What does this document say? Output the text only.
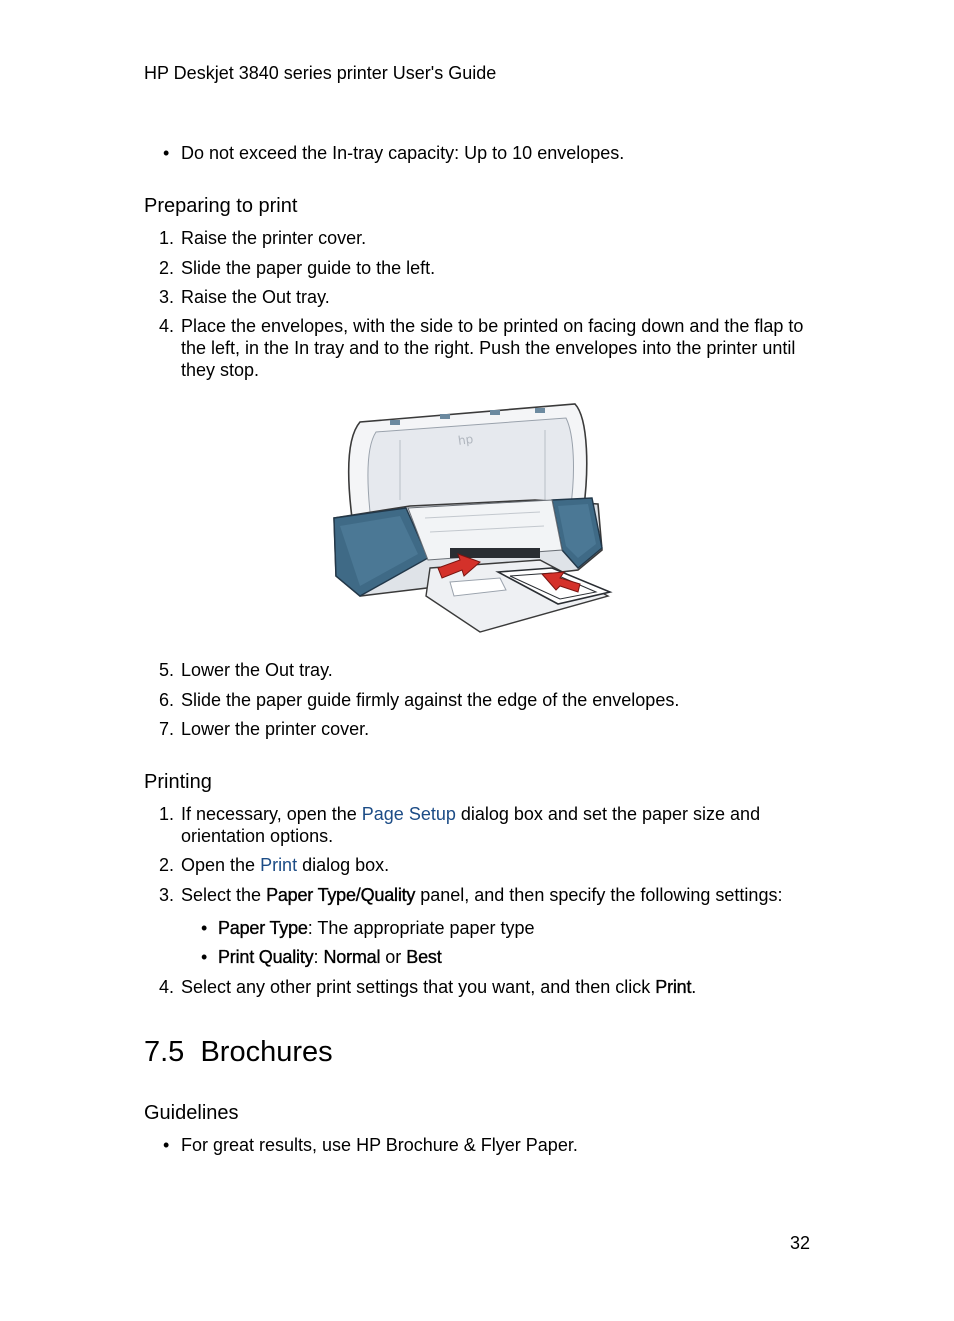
HP Deskjet 3840 series printer User's Guide
• Do not exceed the In-tray capacity: Up to 10 envelopes.
Preparing to print
1. Raise the printer cover.
2. Slide the paper guide to the left.
3. Raise the Out tray.
4. Place the envelopes, with the side to be printed on facing down and the flap to
the left, in the In tray and to the right. Push the envelopes into the printer until
they stop.
hp
5. Lower the Out tray.
6. Slide the paper guide firmly against the edge of the envelopes.
7. Lower the printer cover.
Printing
1. If necessary, open the Page Setup dialog box and set the paper size and
orientation options.
2. Open the Print dialog box.
3. Select the Paper Type/Quality panel, and then specify the following settings:
• Paper Type: The appropriate paper type
• Print Quality: Normal or Best
4. Select any other print settings that you want, and then click Print.
7.5 Brochures
Guidelines
• For great results, use HP Brochure & Flyer Paper.
32
